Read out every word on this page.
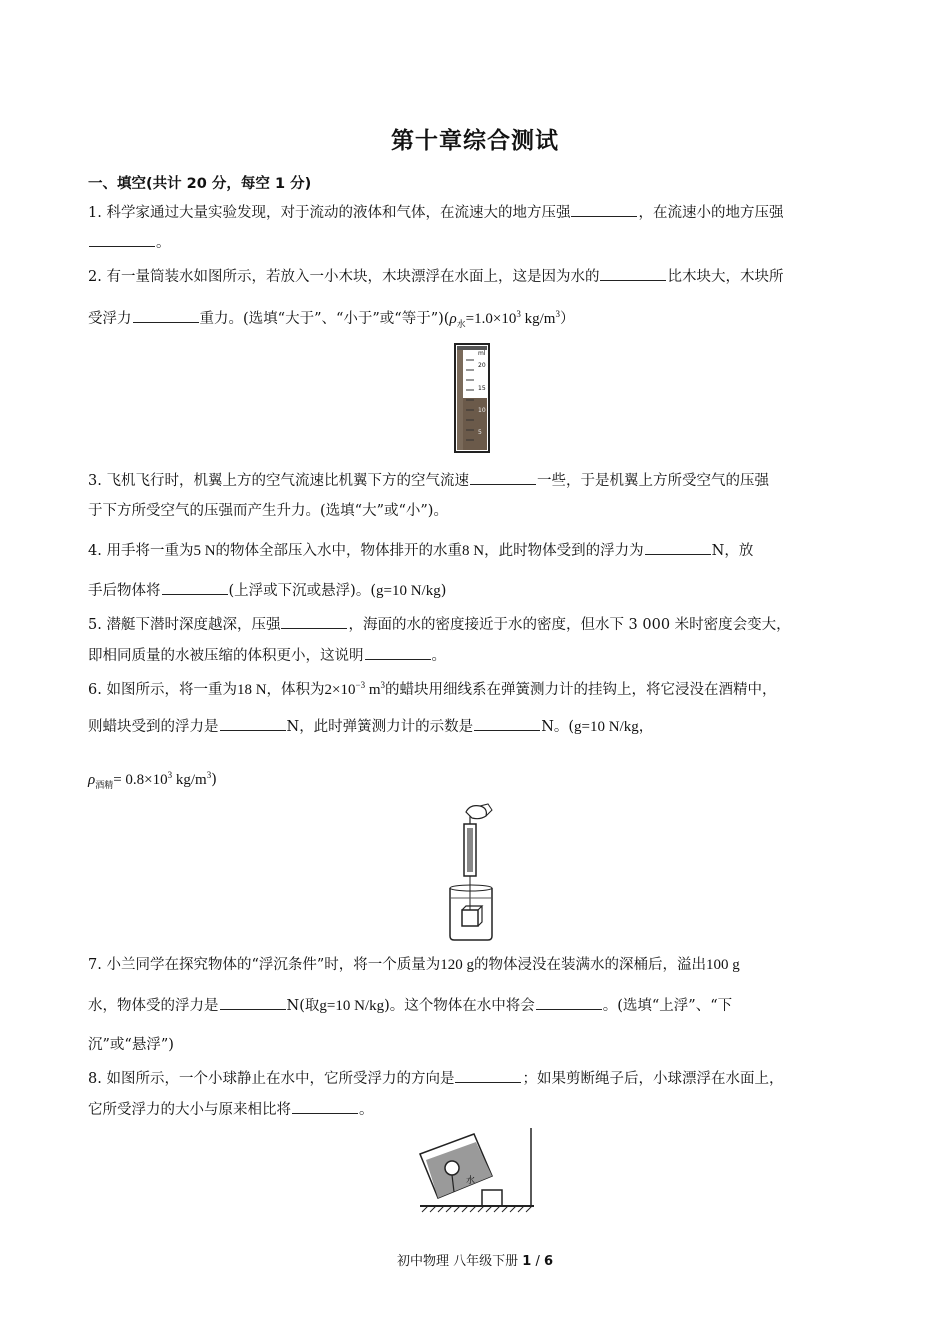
第十章综合测试
一、填空(共计 20 分，每空 1 分)
1. 科学家通过大量实验发现，对于流动的液体和气体，在流速大的地方压强	，在流速小的地方压强
。
2. 有一量筒装水如图所示，若放入一小木块，木块漂浮在水面上，这是因为水的	比木块大，木块所
受浮力	重力。(选填“大于”、“小于”或“等于$”)(\rho_水=1.0\times 10^3$ $kg/m^3$）
ml
20
15
10
5
3. 飞机飞行时，机翼上方的空气流速比机翼下方的空气流速	一些，于是机翼上方所受空气的压强
于下方所受空气的压强而产生升力。(选填“大”或“小”)。
4. 用手将一重为5 N的物体全部压入水中，物体排开的水重8 N，此时物体受到的浮力为	N，放
手后物体将	(上浮或下沉或悬浮)。(g=10 N/kg)
5. 潜艇下潜时深度越深，压强	，海面的水的密度接近于水的密度，但水下 3 000 米时密度会变大，
即相同质量的水被压缩的体积更小，这说明	。
6. 如图所示，将一重为18 N，体积为$2\times 10^{-3}$ $m^3$的蜡块用细线系在弹簧测力计的挂钩上，将它浸没在酒精中，
则蜡块受到的浮力是	N，此时弹簧测力计的示数是	N。(g=10 N/kg，
$\rho_{酒精}= 0.8\times 10^3$ $kg/m^3$)
7. 小兰同学在探究物体的“浮沉条件”时，将一个质量为120 g的物体浸没在装满水的深桶后，溢出100 g
水，物体受的浮力是	N(取g=10 N/kg)。这个物体在水中将会	。(选填“上浮”、“下
沉”或“悬浮”)
8. 如图所示，一个小球静止在水中，它所受浮力的方向是	；如果剪断绳子后，小球漂浮在水面上，
它所受浮力的大小与原来相比将	。
水
初中物理 八年级下册 1 / 6
